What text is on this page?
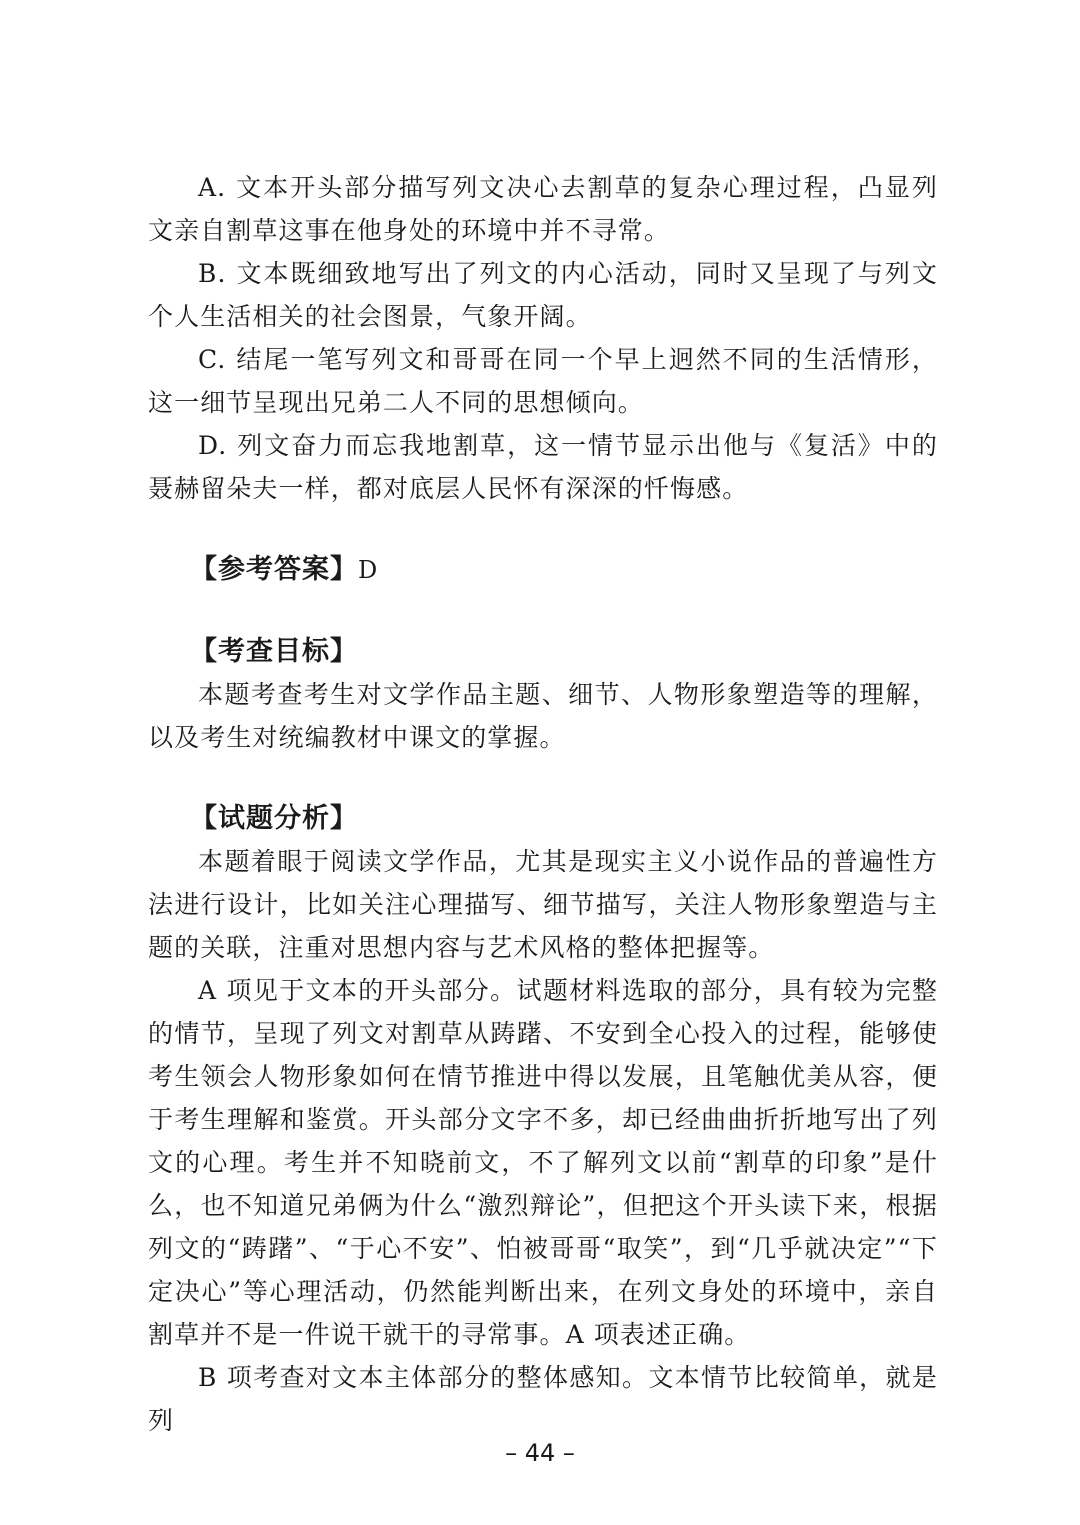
A. 文本开头部分描写列文决心去割草的复杂心理过程，凸显列文亲自割草这事在他身处的环境中并不寻常。

B. 文本既细致地写出了列文的内心活动，同时又呈现了与列文个人生活相关的社会图景，气象开阔。

C. 结尾一笔写列文和哥哥在同一个早上迥然不同的生活情形，这一细节呈现出兄弟二人不同的思想倾向。

D. 列文奋力而忘我地割草，这一情节显示出他与《复活》中的聂赫留朵夫一样，都对底层人民怀有深深的忏悔感。

【参考答案】D

【考查目标】

本题考查考生对文学作品主题、细节、人物形象塑造等的理解，以及考生对统编教材中课文的掌握。

【试题分析】

本题着眼于阅读文学作品，尤其是现实主义小说作品的普遍性方法进行设计，比如关注心理描写、细节描写，关注人物形象塑造与主题的关联，注重对思想内容与艺术风格的整体把握等。

A 项见于文本的开头部分。试题材料选取的部分，具有较为完整的情节，呈现了列文对割草从踌躇、不安到全心投入的过程，能够使考生领会人物形象如何在情节推进中得以发展，且笔触优美从容，便于考生理解和鉴赏。开头部分文字不多，却已经曲曲折折地写出了列文的心理。考生并不知晓前文，不了解列文以前“割草的印象”是什么，也不知道兄弟俩为什么“激烈辩论”，但把这个开头读下来，根据列文的“踌躇”、“于心不安”、怕被哥哥“取笑”，到“几乎就决定”“下定决心”等心理活动，仍然能判断出来，在列文身处的环境中，亲自割草并不是一件说干就干的寻常事。A 项表述正确。

B 项考查对文本主体部分的整体感知。文本情节比较简单，就是列

– 44 –
